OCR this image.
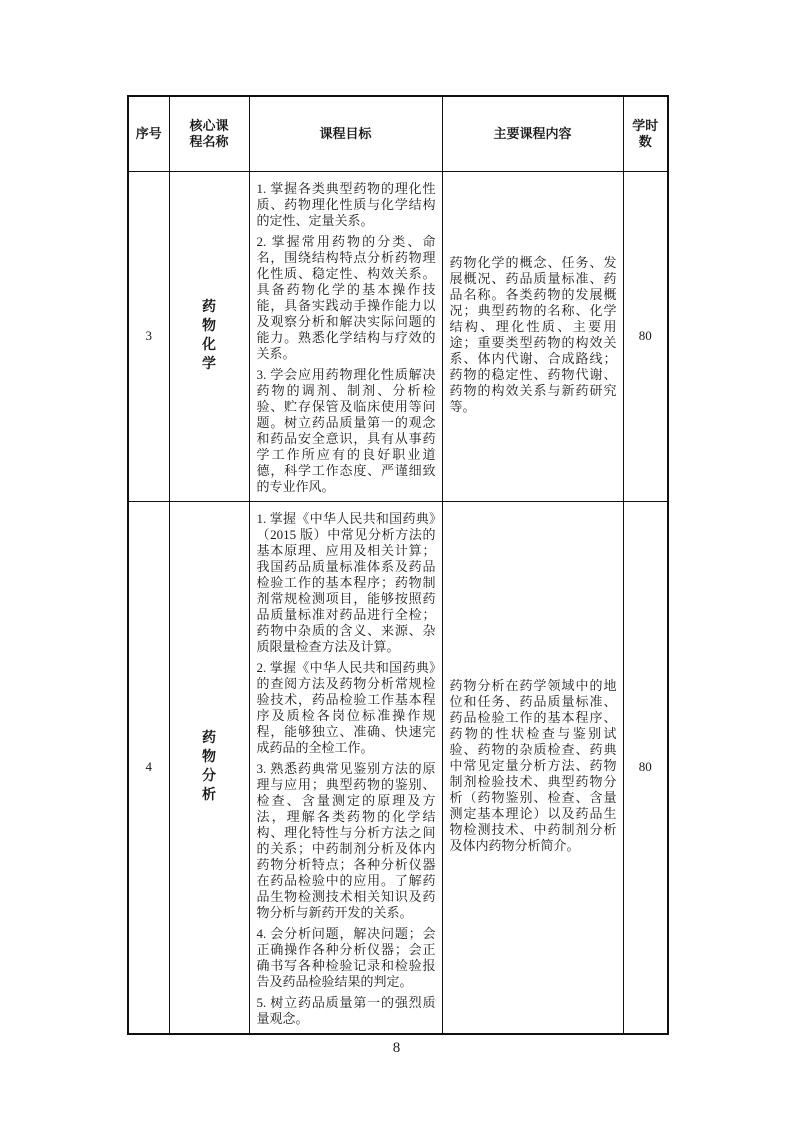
序号	核心课程名称	课程目标	主要课程内容	学时数

3	药物化学	1. 掌握各类典型药物的理化性质、药物理化性质与化学结构的定性、定量关系。

2. 掌握常用药物的分类、命名，围绕结构特点分析药物理化性质、稳定性、构效关系。具备药物化学的基本操作技能，具备实践动手操作能力以及观察分析和解决实际问题的能力。熟悉化学结构与疗效的关系。

3. 学会应用药物理化性质解决药物的调剂、制剂、分析检验、贮存保管及临床使用等问题。树立药品质量第一的观念和药品安全意识，具有从事药学工作所应有的良好职业道德，科学工作态度、严谨细致的专业作风。	药物化学的概念、任务、发展概况、药品质量标准、药品名称。各类药物的发展概况；典型药物的名称、化学结构、理化性质、主要用途；重要类型药物的构效关系、体内代谢、合成路线；药物的稳定性、药物代谢、药物的构效关系与新药研究等。	80
4	药物分析	1. 掌握《中华人民共和国药典》（2015 版）中常见分析方法的基本原理、应用及相关计算；我国药品质量标准体系及药品检验工作的基本程序；药物制剂常规检测项目，能够按照药品质量标准对药品进行全检；药物中杂质的含义、来源、杂质限量检查方法及计算。

2. 掌握《中华人民共和国药典》的查阅方法及药物分析常规检验技术，药品检验工作基本程序及质检各岗位标准操作规程，能够独立、准确、快速完成药品的全检工作。

3. 熟悉药典常见鉴别方法的原理与应用；典型药物的鉴别、检查、含量测定的原理及方法，理解各类药物的化学结构、理化特性与分析方法之间的关系；中药制剂分析及体内药物分析特点；各种分析仪器在药品检验中的应用。了解药品生物检测技术相关知识及药物分析与新药开发的关系。

4. 会分析问题，解决问题；会正确操作各种分析仪器；会正确书写各种检验记录和检验报告及药品检验结果的判定。

5. 树立药品质量第一的强烈质量观念。	药物分析在药学领域中的地位和任务、药品质量标准、药品检验工作的基本程序、药物的性状检查与鉴别试验、药物的杂质检查、药典中常见定量分析方法、药物制剂检验技术、典型药物分析（药物鉴别、检查、含量测定基本理论）以及药品生物检测技术、中药制剂分析及体内药物分析简介。	80
8
